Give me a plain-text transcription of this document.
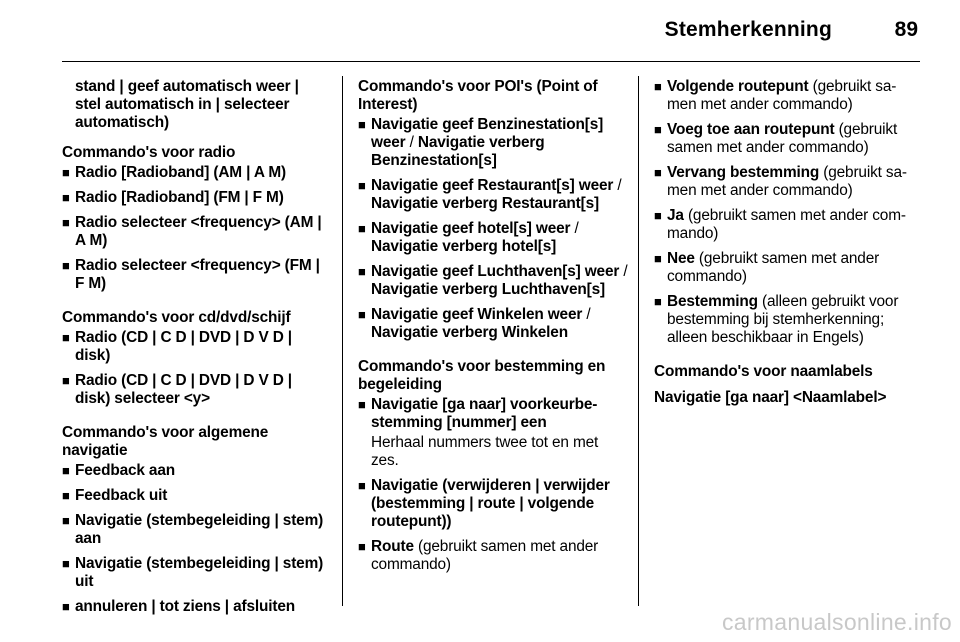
Stemherkenning	89
stand | geef automatisch weer | stel automatisch in | selecteer automatisch)
Commando's voor radio
■ Radio [Radioband] (AM | A M)
■ Radio [Radioband] (FM | F M)
■ Radio selecteer <frequency> (AM | A M)
■ Radio selecteer <frequency> (FM | F M)
Commando's voor cd/dvd/schijf
■ Radio (CD | C D | DVD | D V D | disk)
■ Radio (CD | C D | DVD | D V D | disk) selecteer <y>
Commando's voor algemene navigatie
■ Feedback aan
■ Feedback uit
■ Navigatie (stembegeleiding | stem) aan
■ Navigatie (stembegeleiding | stem) uit
■ annuleren | tot ziens | afsluiten
Commando's voor POI's (Point of Interest)
■ Navigatie geef Benzinestation[s] weer / Navigatie verberg Benzinestation[s]
■ Navigatie geef Restaurant[s] weer / Navigatie verberg Restaurant[s]
■ Navigatie geef hotel[s] weer / Navigatie verberg hotel[s]
■ Navigatie geef Luchthaven[s] weer / Navigatie verberg Luchthaven[s]
■ Navigatie geef Winkelen weer / Navigatie verberg Winkelen
Commando's voor bestemming en begeleiding
■ Navigatie [ga naar] voorkeurbe-stemming [nummer] een
Herhaal nummers twee tot en met zes.
■ Navigatie (verwijderen | verwijder (bestemming | route | volgende routepunt))
■ Route (gebruikt samen met ander commando)
■ Volgende routepunt (gebruikt sa-men met ander commando)
■ Voeg toe aan routepunt (gebruikt samen met ander commando)
■ Vervang bestemming (gebruikt sa-men met ander commando)
■ Ja (gebruikt samen met ander com-mando)
■ Nee (gebruikt samen met ander commando)
■ Bestemming (alleen gebruikt voor bestemming bij stemherkenning; alleen beschikbaar in Engels)
Commando's voor naamlabels
Navigatie [ga naar] <Naamlabel>
carmanualsonline.info
